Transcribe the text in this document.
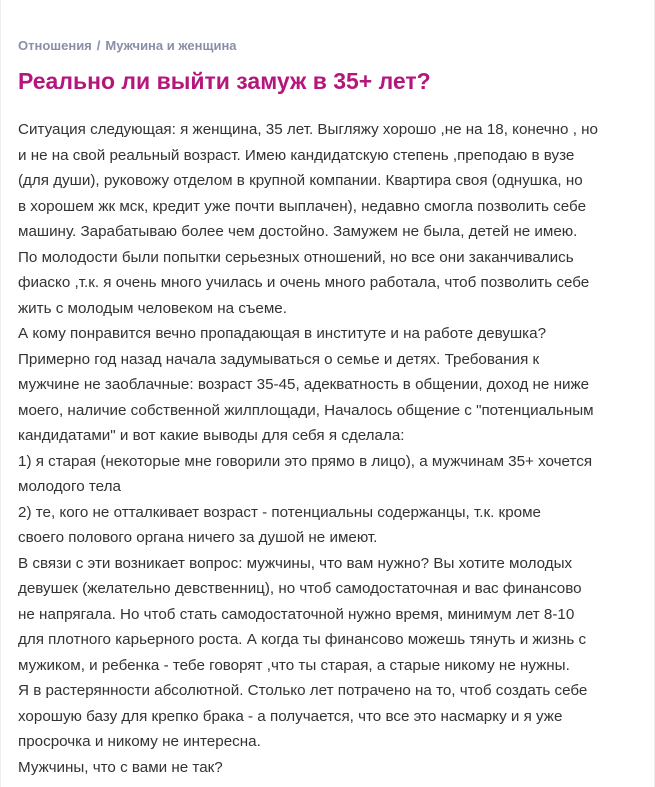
Отношения / Мужчина и женщина
Реально ли выйти замуж в 35+ лет?
Ситуация следующая: я женщина, 35 лет. Выгляжу хорошо ,не на 18, конечно , но
и не на свой реальный возраст. Имею кандидатскую степень ,преподаю в вузе
(для души), руковожу отделом в крупной компании. Квартира своя (однушка, но
в хорошем жк мск, кредит уже почти выплачен), недавно смогла позволить себе
машину. Зарабатываю более чем достойно. Замужем не была, детей не имею.
По молодости были попытки серьезных отношений, но все они заканчивались
фиаско ,т.к. я очень много училась и очень много работала, чтоб позволить себе
жить с молодым человеком на съеме.
А кому понравится вечно пропадающая в институте и на работе девушка?
Примерно год назад начала задумываться о семье и детях. Требования к
мужчине не заоблачные: возраст 35-45, адекватность в общении, доход не ниже
моего, наличие собственной жилплощади, Началось общение с "потенциальным
кандидатами" и вот какие выводы для себя я сделала:
1) я старая (некоторые мне говорили это прямо в лицо), а мужчинам 35+ хочется
молодого тела
2) те, кого не отталкивает возраст - потенциальны содержанцы, т.к. кроме
своего полового органа ничего за душой не имеют.
В связи с эти возникает вопрос: мужчины, что вам нужно? Вы хотите молодых
девушек (желательно девственниц), но чтоб самодостаточная и вас финансово
не напрягала. Но чтоб стать самодостаточной нужно время, минимум лет 8-10
для плотного карьерного роста. А когда ты финансово можешь тянуть и жизнь с
мужиком, и ребенка - тебе говорят ,что ты старая, а старые никому не нужны.
Я в растерянности абсолютной. Столько лет потрачено на то, чтоб создать себе
хорошую базу для крепко брака - а получается, что все это насмарку и я уже
просрочка и никому не интересна.
Мужчины, что с вами не так?
